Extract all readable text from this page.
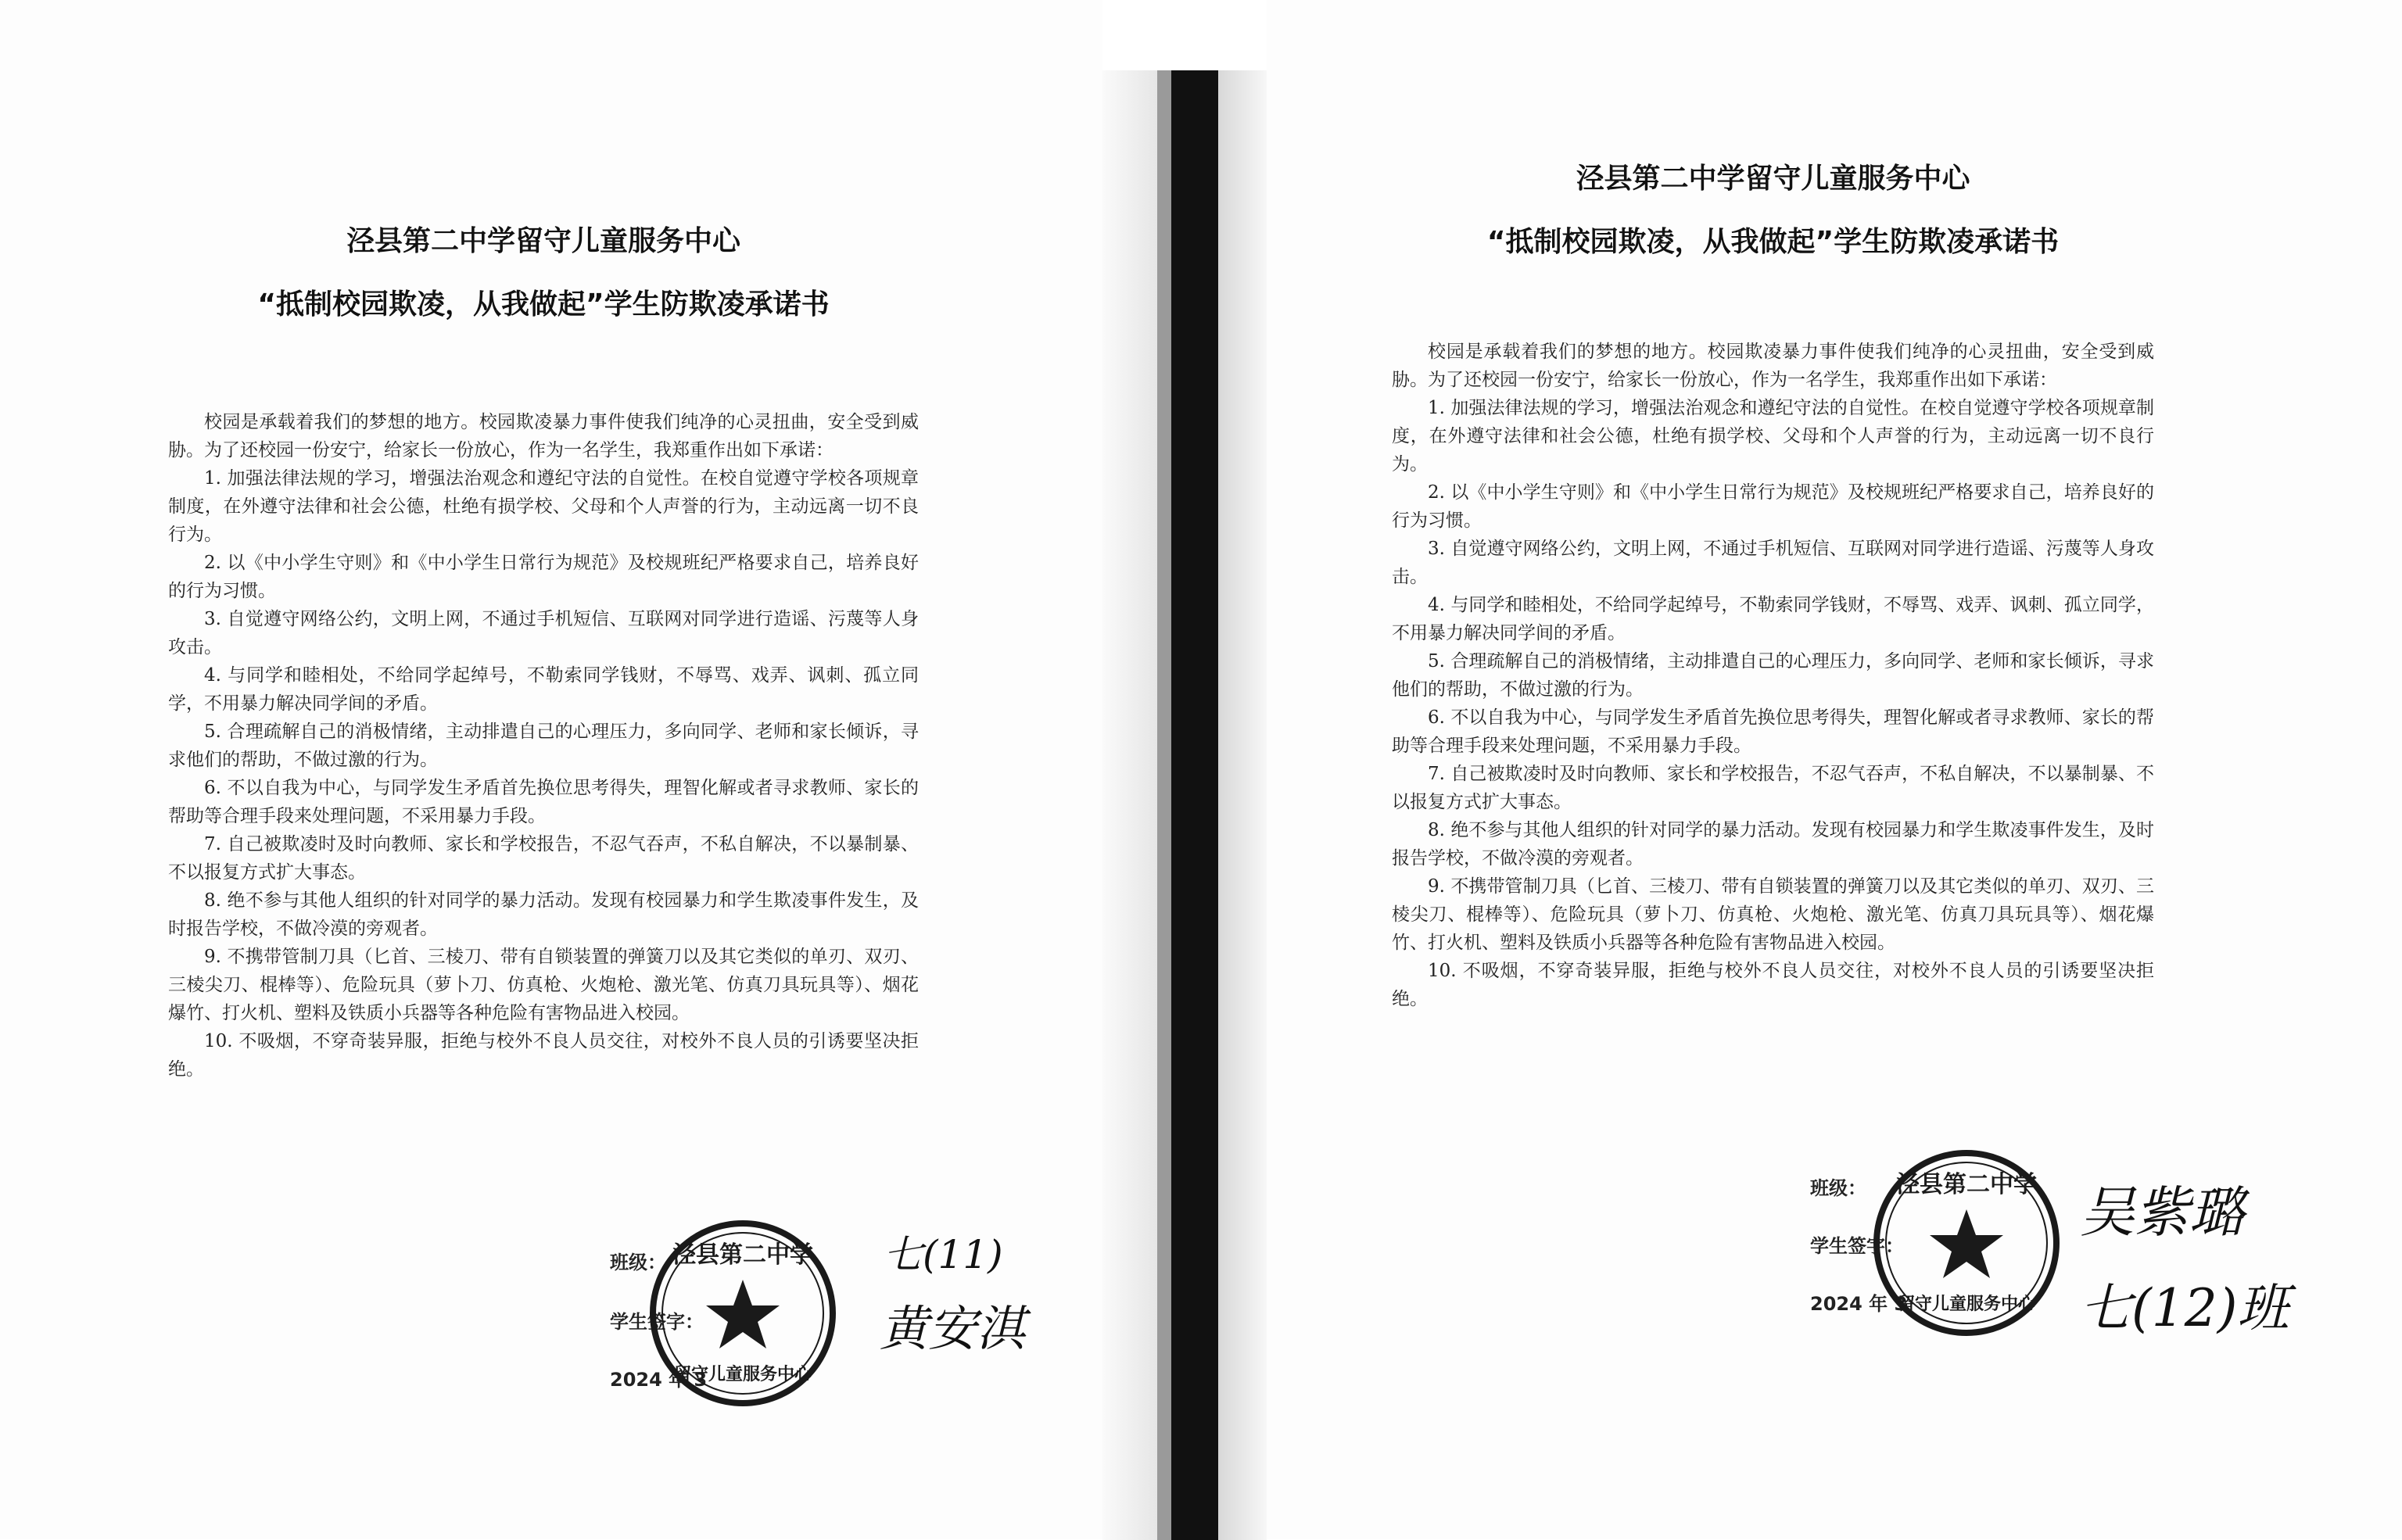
泾县第二中学留守儿童服务中心
“抵制校园欺凌，从我做起”学生防欺凌承诺书

校园是承载着我们的梦想的地方。校园欺凌暴力事件使我们纯净的心灵扭曲，安全受到威胁。为了还校园一份安宁，给家长一份放心，作为一名学生，我郑重作出如下承诺：

1. 加强法律法规的学习，增强法治观念和遵纪守法的自觉性。在校自觉遵守学校各项规章制度，在外遵守法律和社会公德，杜绝有损学校、父母和个人声誉的行为，主动远离一切不良行为。

2. 以《中小学生守则》和《中小学生日常行为规范》及校规班纪严格要求自己，培养良好的行为习惯。

3. 自觉遵守网络公约，文明上网，不通过手机短信、互联网对同学进行造谣、污蔑等人身攻击。

4. 与同学和睦相处，不给同学起绰号，不勒索同学钱财，不辱骂、戏弄、讽刺、孤立同学，不用暴力解决同学间的矛盾。

5. 合理疏解自己的消极情绪，主动排遣自己的心理压力，多向同学、老师和家长倾诉，寻求他们的帮助，不做过激的行为。

6. 不以自我为中心，与同学发生矛盾首先换位思考得失，理智化解或者寻求教师、家长的帮助等合理手段来处理问题，不采用暴力手段。

7. 自己被欺凌时及时向教师、家长和学校报告，不忍气吞声，不私自解决，不以暴制暴、不以报复方式扩大事态。

8. 绝不参与其他人组织的针对同学的暴力活动。发现有校园暴力和学生欺凌事件发生，及时报告学校，不做冷漠的旁观者。

9. 不携带管制刀具（匕首、三棱刀、带有自锁装置的弹簧刀以及其它类似的单刃、双刃、三棱尖刀、棍棒等）、危险玩具（萝卜刀、仿真枪、火炮枪、激光笔、仿真刀具玩具等）、烟花爆竹、打火机、塑料及铁质小兵器等各种危险有害物品进入校园。

10. 不吸烟，不穿奇装异服，拒绝与校外不良人员交往，对校外不良人员的引诱要坚决拒绝。

班级：
学生签字：
2024 年 3
泾县第二中学
留守儿童服务中心
七(11)
黄安淇
泾县第二中学留守儿童服务中心
“抵制校园欺凌，从我做起”学生防欺凌承诺书

校园是承载着我们的梦想的地方。校园欺凌暴力事件使我们纯净的心灵扭曲，安全受到威胁。为了还校园一份安宁，给家长一份放心，作为一名学生，我郑重作出如下承诺：

1. 加强法律法规的学习，增强法治观念和遵纪守法的自觉性。在校自觉遵守学校各项规章制度，在外遵守法律和社会公德，杜绝有损学校、父母和个人声誉的行为，主动远离一切不良行为。

2. 以《中小学生守则》和《中小学生日常行为规范》及校规班纪严格要求自己，培养良好的行为习惯。

3. 自觉遵守网络公约，文明上网，不通过手机短信、互联网对同学进行造谣、污蔑等人身攻击。

4. 与同学和睦相处，不给同学起绰号，不勒索同学钱财，不辱骂、戏弄、讽刺、孤立同学，不用暴力解决同学间的矛盾。

5. 合理疏解自己的消极情绪，主动排遣自己的心理压力，多向同学、老师和家长倾诉，寻求他们的帮助，不做过激的行为。

6. 不以自我为中心，与同学发生矛盾首先换位思考得失，理智化解或者寻求教师、家长的帮助等合理手段来处理问题，不采用暴力手段。

7. 自己被欺凌时及时向教师、家长和学校报告，不忍气吞声，不私自解决，不以暴制暴、不以报复方式扩大事态。

8. 绝不参与其他人组织的针对同学的暴力活动。发现有校园暴力和学生欺凌事件发生，及时报告学校，不做冷漠的旁观者。

9. 不携带管制刀具（匕首、三棱刀、带有自锁装置的弹簧刀以及其它类似的单刃、双刃、三棱尖刀、棍棒等）、危险玩具（萝卜刀、仿真枪、火炮枪、激光笔、仿真刀具玩具等）、烟花爆竹、打火机、塑料及铁质小兵器等各种危险有害物品进入校园。

10. 不吸烟，不穿奇装异服，拒绝与校外不良人员交往，对校外不良人员的引诱要坚决拒绝。

班级：
学生签字：
2024 年 3
泾县第二中学
留守儿童服务中心
吴紫璐
七(12)班
